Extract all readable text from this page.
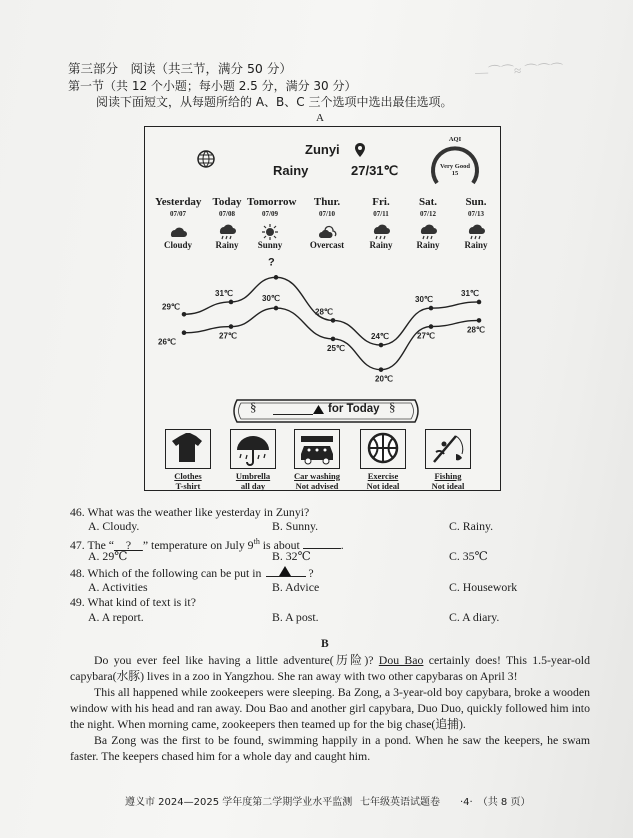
—⌒⌒≈ ⌒⌒⌒
第三部分　阅读（共三节，满分 50 分）
第一节（共 12 个小题；每小题 2.5 分，满分 30 分）
阅读下面短文，从每题所给的 A、B、C 三个选项中选出最佳选项。
A
Zunyi
Rainy	27/31℃
AQI
Very Good
15
Yesterday
07/07
Cloudy
Today
07/08
Rainy
Tomorrow
07/09
Sunny
Thur.
07/10
Overcast
Fri.
07/11
Rainy
Sat.
07/12
Rainy
Sun.
07/13
Rainy
29℃
31℃
?
28℃
24℃
30℃
31℃
26℃
27℃
30℃
25℃
20℃
27℃
28℃
§	for Today §
Clothes
T-shirt
Umbrella
all day
Car washing
Not advised
Exercise
Not ideal
Fishing
Not ideal
46. What was the weather like yesterday in Zunyi?
A. Cloudy.	B. Sunny.	C. Rainy.
47. The “　?　” temperature on July 9th is about	.
A. 29℃	B. 32℃	C. 35℃
48. Which of the following can be put in	?
A. Activities	B. Advice	C. Housework
49. What kind of text is it?
A. A report.	B. A post.	C. A diary.
B
Do you ever feel like having a little adventure(历险)? Dou Bao certainly does! This 1.5-year-old capybara(水豚) lives in a zoo in Yangzhou. She ran away with two other capybaras on April 3!
This all happened while zookeepers were sleeping. Ba Zong, a 3-year-old boy capybara, broke a wooden window with his head and ran away. Dou Bao and another girl capybara, Duo Duo, quickly followed him into the night. When morning came, zookeepers then teamed up for the big chase(追捕).
Ba Zong was the first to be found, swimming happily in a pond. When he saw the keepers, he swam faster. The keepers chased him for a whole day and caught him.
遵义市 2024—2025 学年度第二学期学业水平监测 七年级英语试题卷 ·4·　（共 8 页）
